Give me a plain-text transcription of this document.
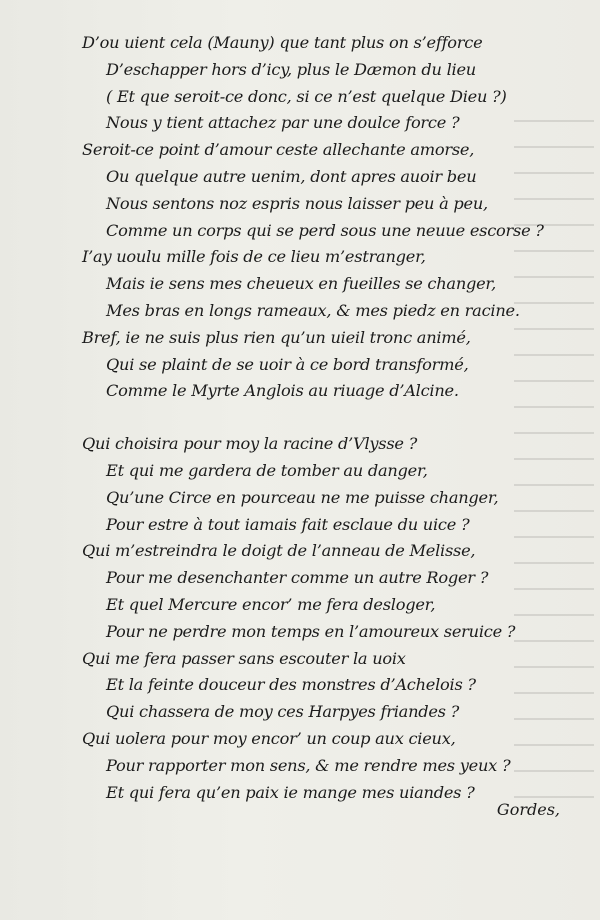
D’ou uient cela (Mauny) que tant plus on s’efforce
D’eschapper hors d’icy, plus le Dæmon du lieu
( Et que seroit-ce donc, si ce n’est quelque Dieu ?)
Nous y tient attachez par une doulce force ?
Seroit-ce point d’amour ceste allechante amorse,
Ou quelque autre uenim, dont apres auoir beu
Nous sentons noz espris nous laisser peu à peu,
Comme un corps qui se perd sous une neuue escorse ?
I’ay uoulu mille fois de ce lieu m’estranger,
Mais ie sens mes cheueux en fueilles se changer,
Mes bras en longs rameaux, & mes piedz en racine.
Bref, ie ne suis plus rien qu’un uieil tronc animé,
Qui se plaint de se uoir à ce bord transformé,
Comme le Myrte Anglois au riuage d’Alcine.
Qui choisira pour moy la racine d’Vlysse ?
Et qui me gardera de tomber au danger,
Qu’une Circe en pourceau ne me puisse changer,
Pour estre à tout iamais fait esclaue du uice ?
Qui m’estreindra le doigt de l’anneau de Melisse,
Pour me desenchanter comme un autre Roger ?
Et quel Mercure encor’ me fera desloger,
Pour ne perdre mon temps en l’amoureux seruice ?
Qui me fera passer sans escouter la uoix
Et la feinte douceur des monstres d’Achelois ?
Qui chassera de moy ces Harpyes friandes ?
Qui uolera pour moy encor’ un coup aux cieux,
Pour rapporter mon sens, & me rendre mes yeux ?
Et qui fera qu’en paix ie mange mes uiandes ?
Gordes,
